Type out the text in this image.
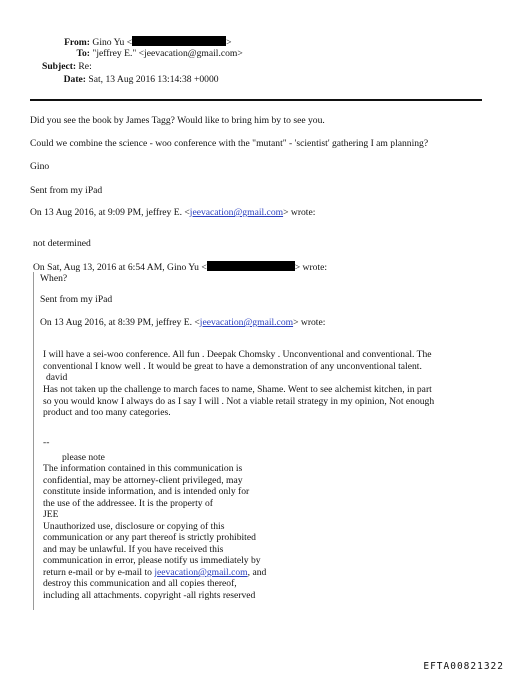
From: Gino Yu <	>
To: "jeffrey E." <jeevacation@gmail.com>
Subject: Re:
Date: Sat, 13 Aug 2016 13:14:38 +0000
Did you see the book by James Tagg? Would like to bring him by to see you.
Could we combine the science - woo conference with the "mutant" - 'scientist' gathering I am planning?
Gino
Sent from my iPad
On 13 Aug 2016, at 9:09 PM, jeffrey E. <jeevacation@gmail.com> wrote:
not determined
On Sat, Aug 13, 2016 at 6:54 AM, Gino Yu <	> wrote:
When?
Sent from my iPad
On 13 Aug 2016, at 8:39 PM, jeffrey E. <jeevacation@gmail.com> wrote:
I will have a sei-woo conference. All fun . Deepak Chomsky . Unconventional and conventional. The
conventional I know well . It would be great to have a demonstration of any unconventional talent.
david
Has not taken up the challenge to march faces to name, Shame. Went to see alchemist kitchen, in part
so you would know I always do as I say I will . Not a viable retail strategy in my opinion, Not enough
product and too many categories.
--
please note
The information contained in this communication is
confidential, may be attorney-client privileged, may
constitute inside information, and is intended only for
the use of the addressee. It is the property of
JEE
Unauthorized use, disclosure or copying of this
communication or any part thereof is strictly prohibited
and may be unlawful. If you have received this
communication in error, please notify us immediately by
return e-mail or by e-mail to jeevacation@gmail.com, and
destroy this communication and all copies thereof,
including all attachments. copyright -all rights reserved
EFTA00821322
